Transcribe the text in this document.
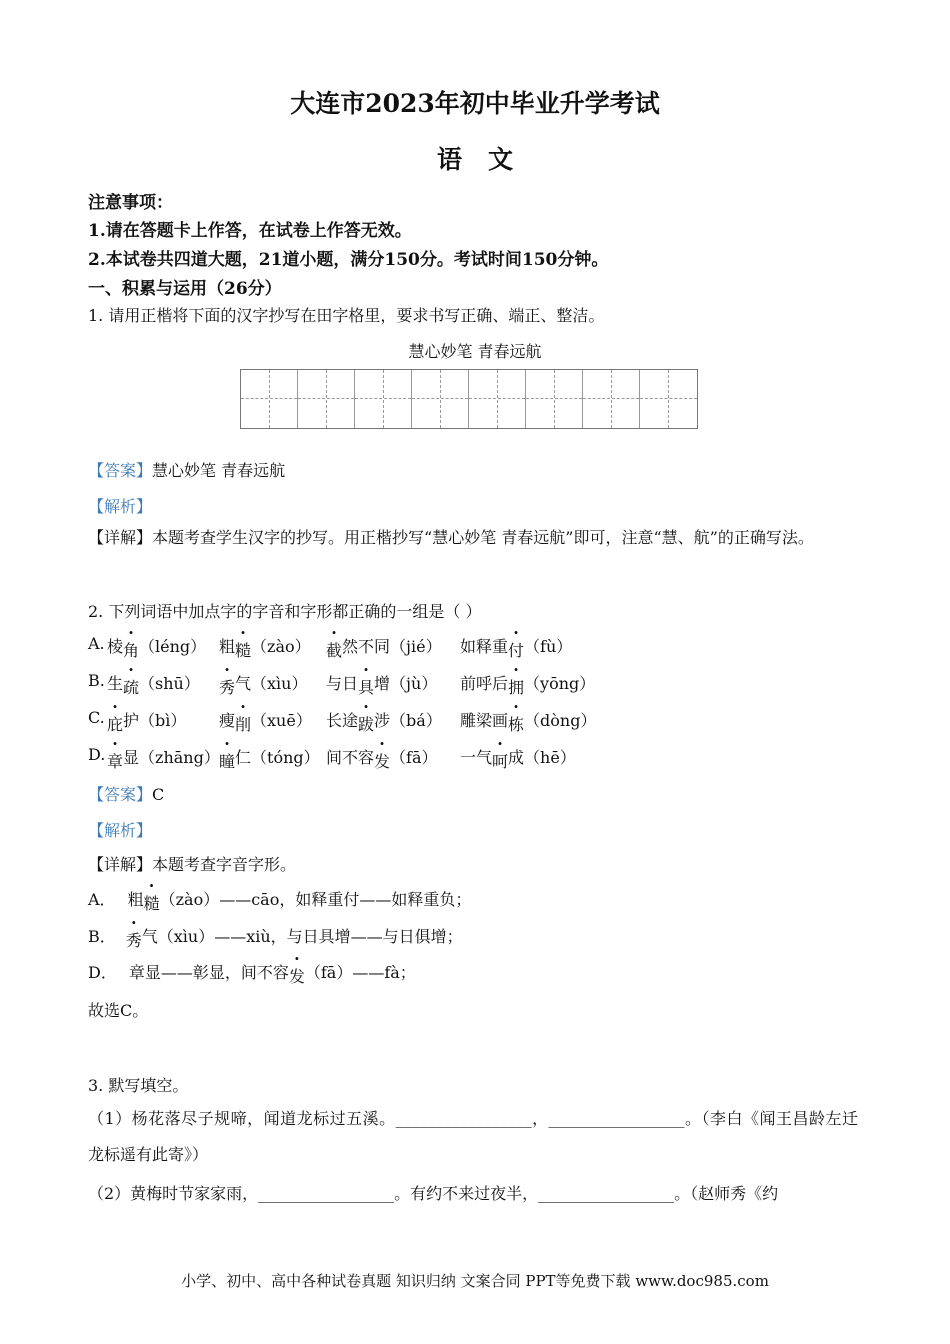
大连市2023年初中毕业升学考试
语文
注意事项：
1.请在答题卡上作答，在试卷上作答无效。
2.本试卷共四道大题，21道小题，满分150分。考试时间150分钟。
一、积累与运用（26分）
1. 请用正楷将下面的汉字抄写在田字格里，要求书写正确、端正、整洁。
慧心妙笔 青春远航
【答案】慧心妙笔 青春远航
【解析】
【详解】本题考查学生汉字的抄写。用正楷抄写“慧心妙笔 青春远航”即可，注意“慧、航”的正确写法。
2. 下列词语中加点字的字音和字形都正确的一组是（ ）
A. 棱角（léng） 粗糙（zào） 截然不同（jié） 如释重付（fù）
B. 生疏（shū） 秀气（xìu） 与日具增（jù） 前呼后拥（yōng）
C. 庇护（bì） 瘦削（xuē） 长途跋涉（bá） 雕梁画栋（dòng）
D. 章显（zhāng） 瞳仁（tóng） 间不容发（fā） 一气呵成（hē）
【答案】C
【解析】
【详解】本题考查字音字形。
A． 粗糙（zào）——cāo，如释重付——如释重负；
B． 秀气（xìu）——xiù，与日具增——与日俱增；
D． 章显——彰显，间不容发（fā）——fà；
故选C。
3. 默写填空。
（1）杨花落尽子规啼，闻道龙标过五溪。_________________，_________________。（李白《闻王昌龄左迁龙标遥有此寄》）
（2）黄梅时节家家雨，_________________。有约不来过夜半，_________________。（赵师秀《约
小学、初中、高中各种试卷真题 知识归纳 文案合同 PPT等免费下载 www.doc985.com
